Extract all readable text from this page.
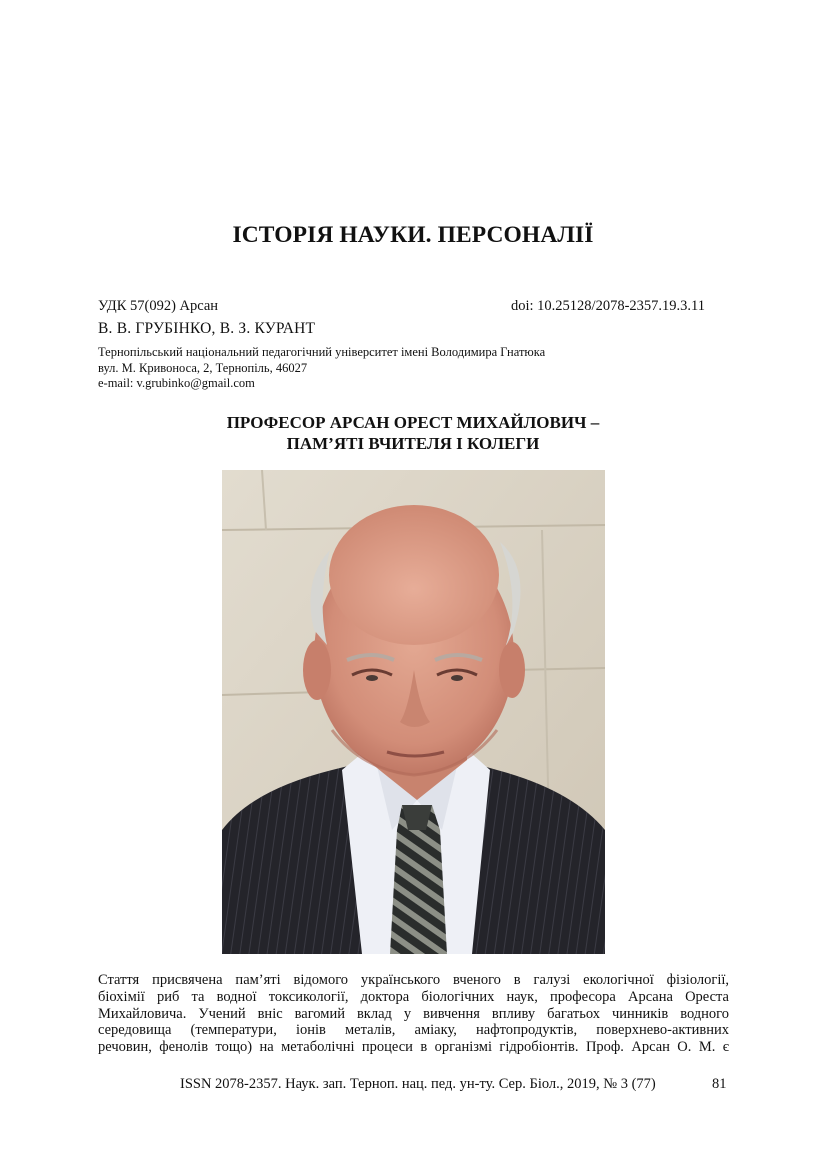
ІСТОРІЯ НАУКИ. ПЕРСОНАЛІЇ
УДК 57(092) Арсан	doi: 10.25128/2078-2357.19.3.11
В. В. ГРУБІНКО, В. З. КУРАНТ
Тернопільський національний педагогічний університет імені Володимира Гнатюка
вул. М. Кривоноса, 2, Тернопіль, 46027
e-mail: v.grubinko@gmail.com
ПРОФЕСОР АРСАН ОРЕСТ МИХАЙЛОВИЧ –
ПАМ’ЯТІ ВЧИТЕЛЯ І КОЛЕГИ
Стаття присвячена пам’яті відомого українського вченого в галузі екологічної фізіології,
біохімії риб та водної токсикології, доктора біологічних наук, професора Арсана Ореста
Михайловича. Учений вніс вагомий вклад у вивчення впливу багатьох чинників водного
середовища (температури, іонів металів, аміаку, нафтопродуктів, поверхнево-активних
речовин, фенолів тощо) на метаболічні процеси в організмі гідробіонтів. Проф. Арсан О. М. є
ISSN 2078-2357. Наук. зап. Терноп. нац. пед. ун-ту. Сер. Біол., 2019, № 3 (77)	81
